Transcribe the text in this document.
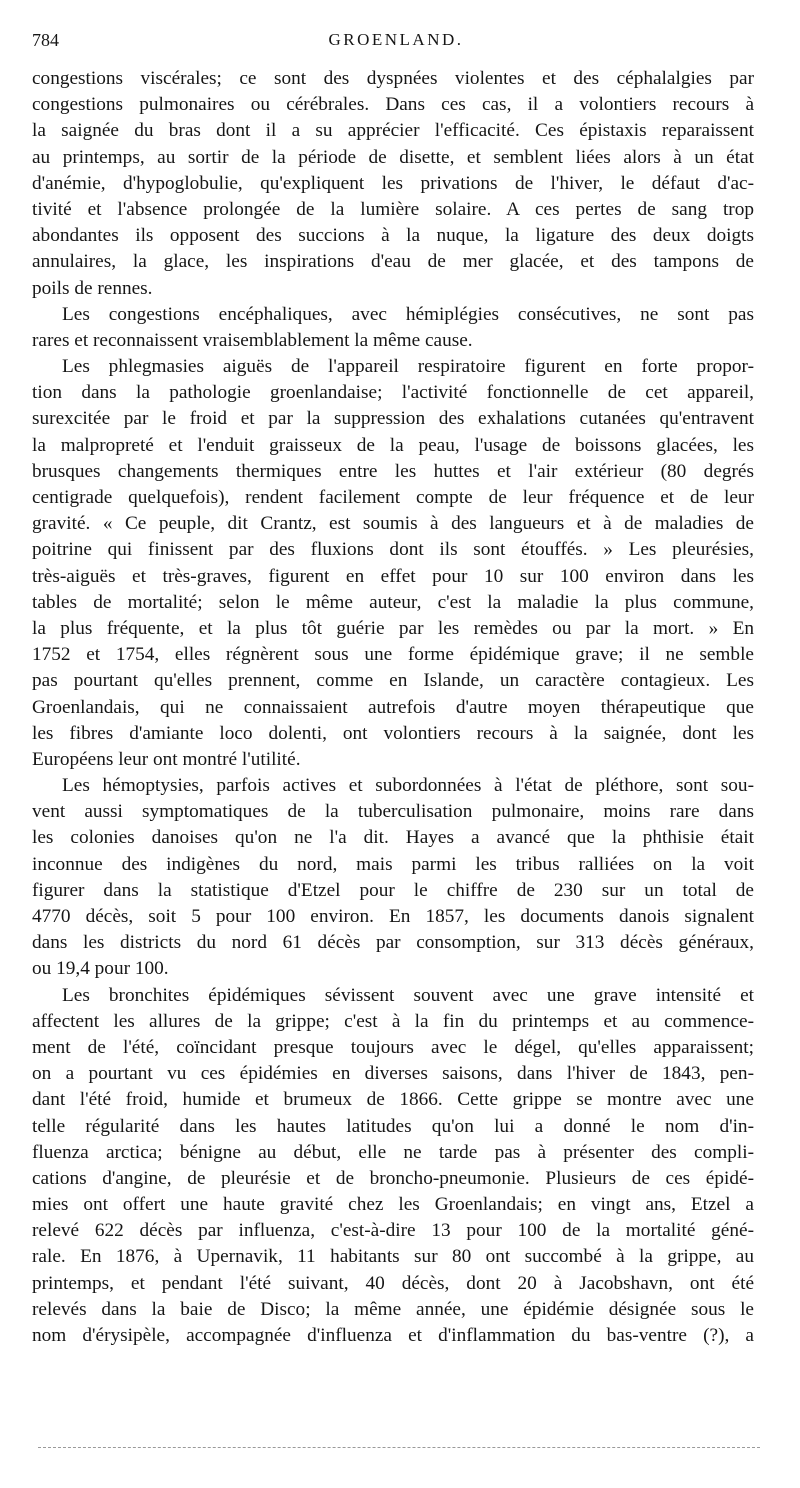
784	GROENLAND.
congestions viscérales; ce sont des dyspnées violentes et des céphalalgies par
congestions pulmonaires ou cérébrales. Dans ces cas, il a volontiers recours à
la saignée du bras dont il a su apprécier l'efficacité. Ces épistaxis reparaissent
au printemps, au sortir de la période de disette, et semblent liées alors à un état
d'anémie, d'hypoglobulie, qu'expliquent les privations de l'hiver, le défaut d'ac-
tivité et l'absence prolongée de la lumière solaire. A ces pertes de sang trop
abondantes ils opposent des succions à la nuque, la ligature des deux doigts
annulaires, la glace, les inspirations d'eau de mer glacée, et des tampons de
poils de rennes.
Les congestions encéphaliques, avec hémiplégies consécutives, ne sont pas
rares et reconnaissent vraisemblablement la même cause.
Les phlegmasies aiguës de l'appareil respiratoire figurent en forte propor-
tion dans la pathologie groenlandaise; l'activité fonctionnelle de cet appareil,
surexcitée par le froid et par la suppression des exhalations cutanées qu'entravent
la malpropreté et l'enduit graisseux de la peau, l'usage de boissons glacées, les
brusques changements thermiques entre les huttes et l'air extérieur (80 degrés
centigrade quelquefois), rendent facilement compte de leur fréquence et de leur
gravité. « Ce peuple, dit Crantz, est soumis à des langueurs et à de maladies de
poitrine qui finissent par des fluxions dont ils sont étouffés. » Les pleurésies,
très-aiguës et très-graves, figurent en effet pour 10 sur 100 environ dans les
tables de mortalité; selon le même auteur, c'est la maladie la plus commune,
la plus fréquente, et la plus tôt guérie par les remèdes ou par la mort. » En
1752 et 1754, elles régnèrent sous une forme épidémique grave; il ne semble
pas pourtant qu'elles prennent, comme en Islande, un caractère contagieux. Les
Groenlandais, qui ne connaissaient autrefois d'autre moyen thérapeutique que
les fibres d'amiante loco dolenti, ont volontiers recours à la saignée, dont les
Européens leur ont montré l'utilité.
Les hémoptysies, parfois actives et subordonnées à l'état de pléthore, sont sou-
vent aussi symptomatiques de la tuberculisation pulmonaire, moins rare dans
les colonies danoises qu'on ne l'a dit. Hayes a avancé que la phthisie était
inconnue des indigènes du nord, mais parmi les tribus ralliées on la voit
figurer dans la statistique d'Etzel pour le chiffre de 230 sur un total de
4770 décès, soit 5 pour 100 environ. En 1857, les documents danois signalent
dans les districts du nord 61 décès par consomption, sur 313 décès généraux,
ou 19,4 pour 100.
Les bronchites épidémiques sévissent souvent avec une grave intensité et
affectent les allures de la grippe; c'est à la fin du printemps et au commence-
ment de l'été, coïncidant presque toujours avec le dégel, qu'elles apparaissent;
on a pourtant vu ces épidémies en diverses saisons, dans l'hiver de 1843, pen-
dant l'été froid, humide et brumeux de 1866. Cette grippe se montre avec une
telle régularité dans les hautes latitudes qu'on lui a donné le nom d'in-
fluenza arctica; bénigne au début, elle ne tarde pas à présenter des compli-
cations d'angine, de pleurésie et de broncho-pneumonie. Plusieurs de ces épidé-
mies ont offert une haute gravité chez les Groenlandais; en vingt ans, Etzel a
relevé 622 décès par influenza, c'est-à-dire 13 pour 100 de la mortalité géné-
rale. En 1876, à Upernavik, 11 habitants sur 80 ont succombé à la grippe, au
printemps, et pendant l'été suivant, 40 décès, dont 20 à Jacobshavn, ont été
relevés dans la baie de Disco; la même année, une épidémie désignée sous le
nom d'érysipèle, accompagnée d'influenza et d'inflammation du bas-ventre (?), a
